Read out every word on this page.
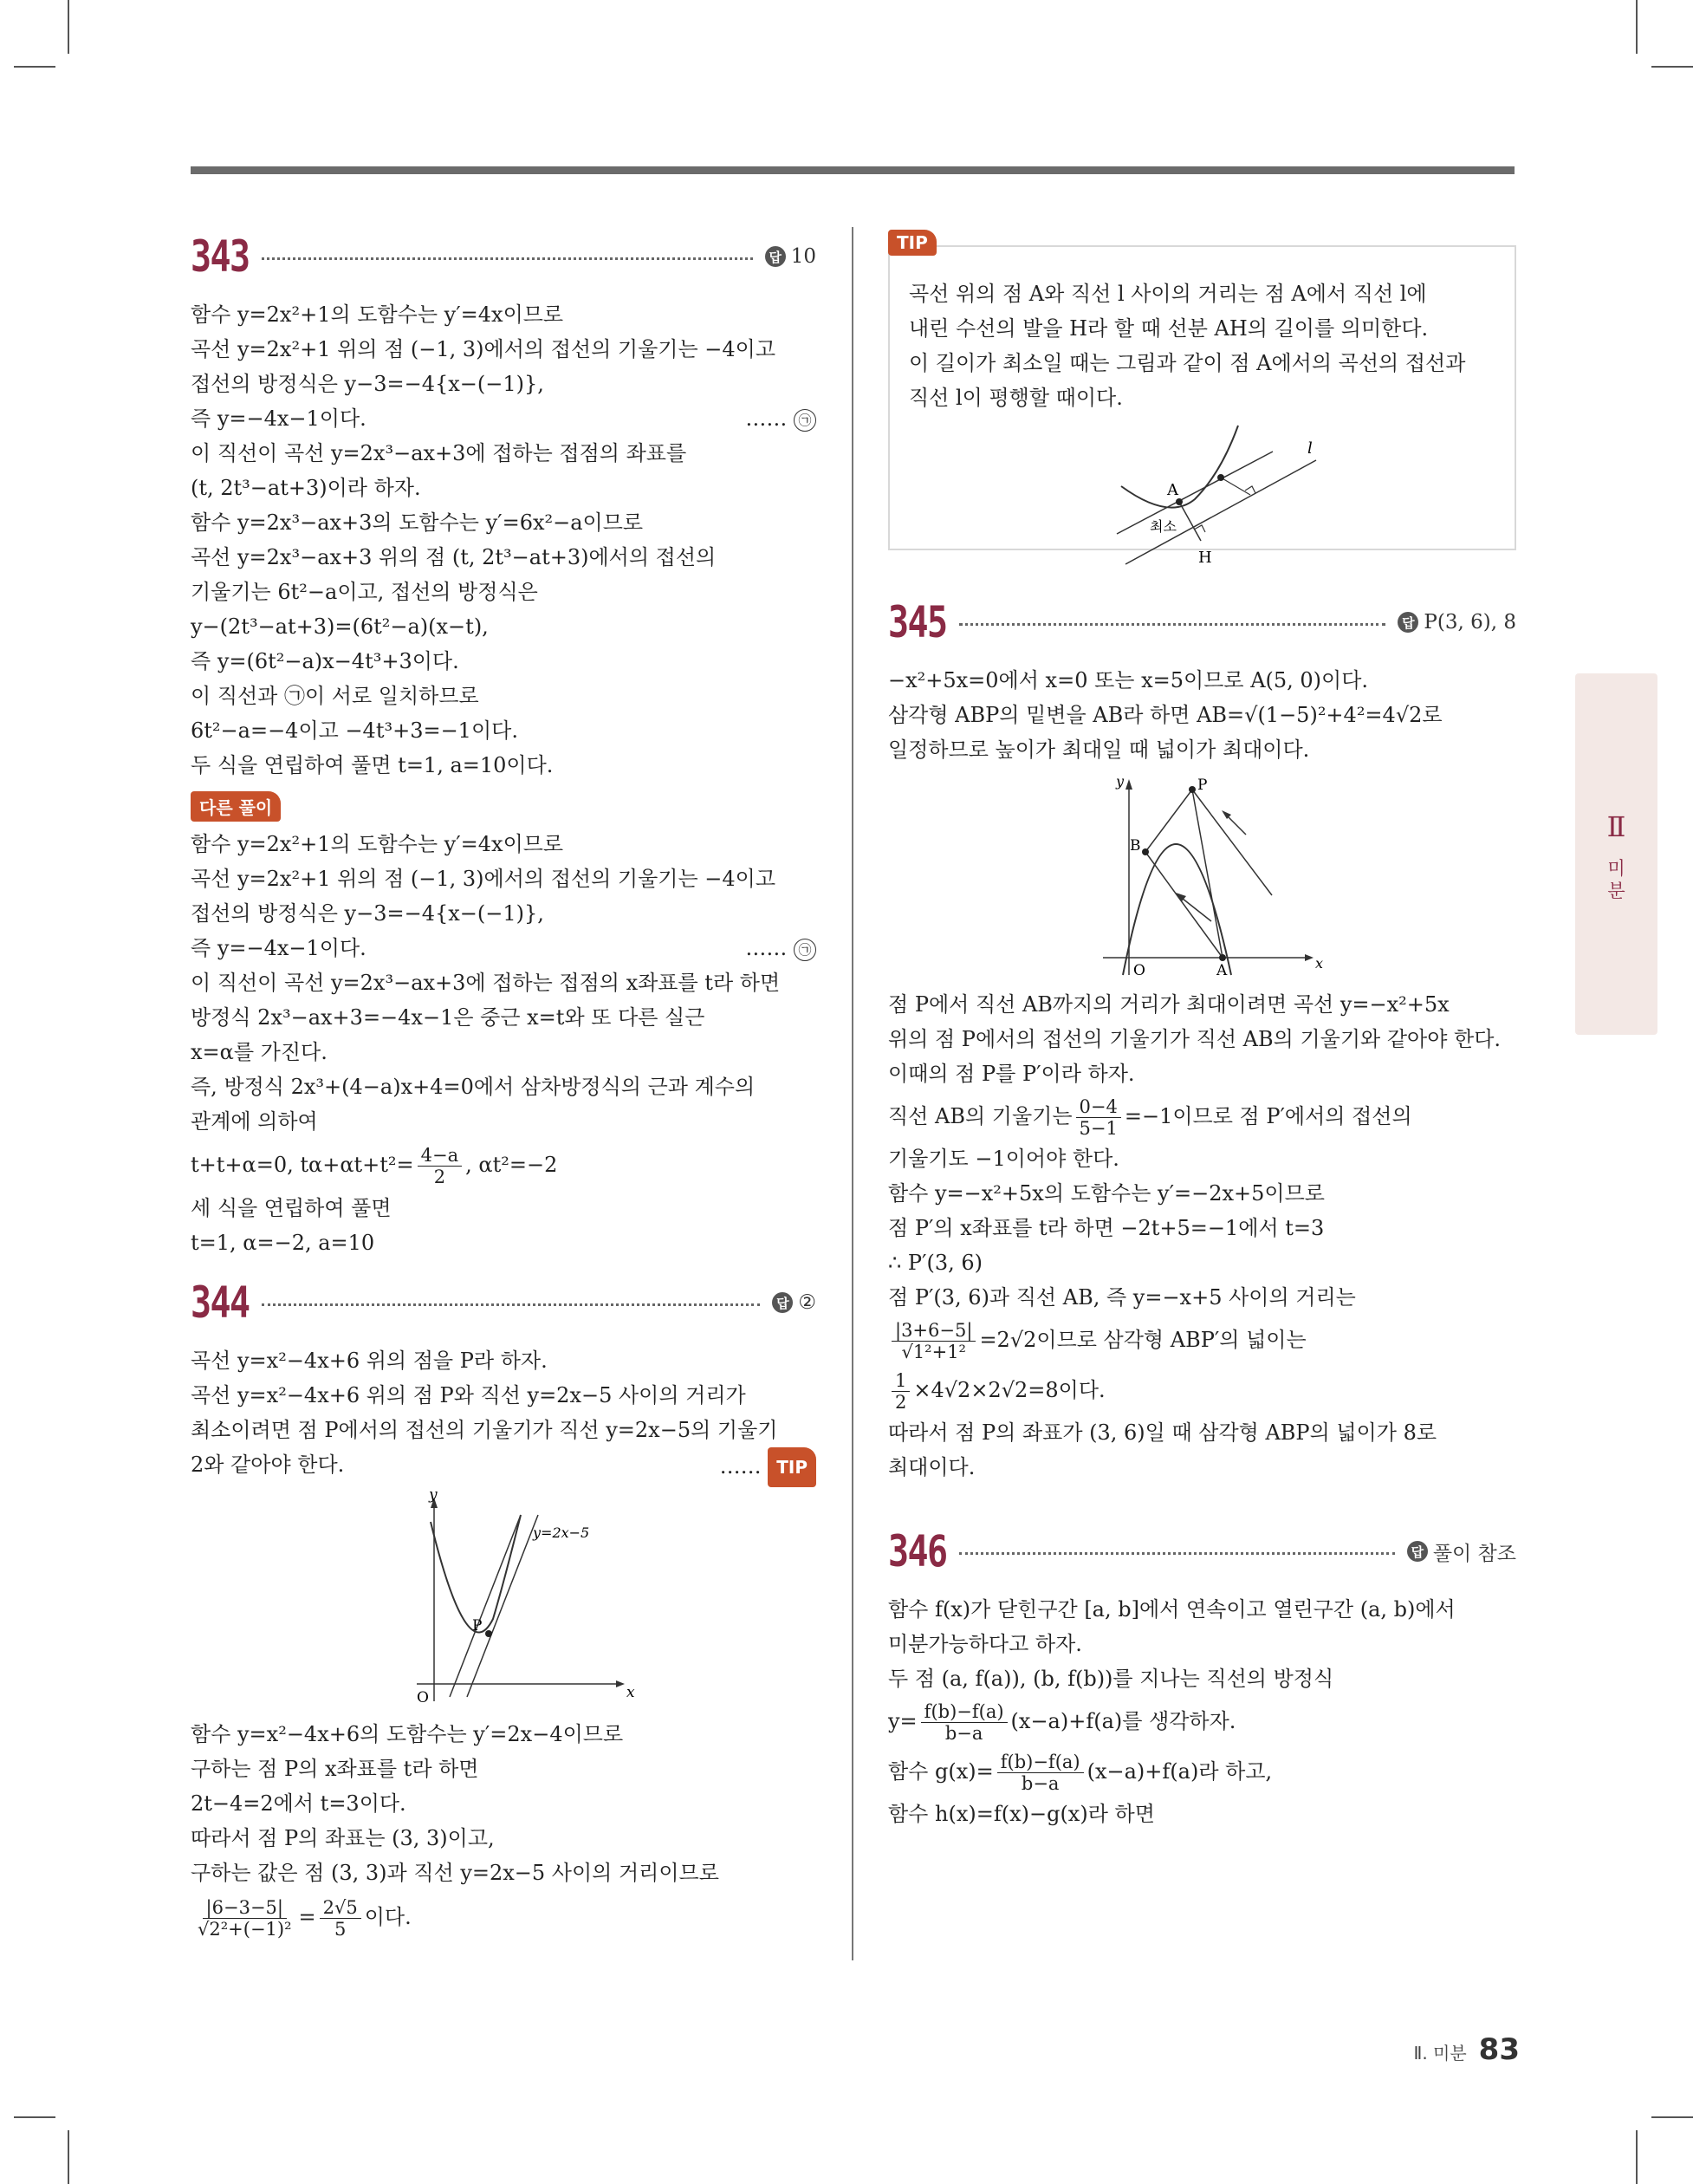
343	답 10
함수 y=2x²+1의 도함수는 y′=4x이므로
곡선 y=2x²+1 위의 점 (−1, 3)에서의 접선의 기울기는 −4이고
접선의 방정식은 y−3=−4{x−(−1)},
즉 y=−4x−1이다.	…… ㉠
이 직선이 곡선 y=2x³−ax+3에 접하는 접점의 좌표를
(t, 2t³−at+3)이라 하자.
함수 y=2x³−ax+3의 도함수는 y′=6x²−a이므로
곡선 y=2x³−ax+3 위의 점 (t, 2t³−at+3)에서의 접선의
기울기는 6t²−a이고, 접선의 방정식은
y−(2t³−at+3)=(6t²−a)(x−t),
즉 y=(6t²−a)x−4t³+3이다.
이 직선과 ㉠이 서로 일치하므로
6t²−a=−4이고 −4t³+3=−1이다.
두 식을 연립하여 풀면 t=1, a=10이다.
다른 풀이
함수 y=2x²+1의 도함수는 y′=4x이므로
곡선 y=2x²+1 위의 점 (−1, 3)에서의 접선의 기울기는 −4이고
접선의 방정식은 y−3=−4{x−(−1)},
즉 y=−4x−1이다.	…… ㉠
이 직선이 곡선 y=2x³−ax+3에 접하는 접점의 x좌표를 t라 하면
방정식 2x³−ax+3=−4x−1은 중근 x=t와 또 다른 실근
x=α를 가진다.
즉, 방정식 2x³+(4−a)x+4=0에서 삼차방정식의 근과 계수의
관계에 의하여
t+t+α=0, $t\alpha+\alpha t+t^2= \frac{4-a}{2}$ , αt²=−2
세 식을 연립하여 풀면
t=1, α=−2, a=10
344	답 ②
곡선 y=x²−4x+6 위의 점을 P라 하자.
곡선 y=x²−4x+6 위의 점 P와 직선 y=2x−5 사이의 거리가
최소이려면 점 P에서의 접선의 기울기가 직선 y=2x−5의 기울기
2와 같아야 한다.	…… TIP
y
x
O
P
y=2x−5
함수 y=x²−4x+6의 도함수는 y′=2x−4이므로
구하는 점 P의 x좌표를 t라 하면
2t−4=2에서 t=3이다.
따라서 점 P의 좌표는 (3, 3)이고,
구하는 값은 점 (3, 3)과 직선 y=2x−5 사이의 거리이므로
$\frac{|6-3-5|}{\text{√2²+(−1)²}} = \frac{2√5}{5}$ 이다.
TIP
곡선 위의 점 A와 직선 l 사이의 거리는 점 A에서 직선 l에
내린 수선의 발을 H라 할 때 선분 AH의 길이를 의미한다.
이 길이가 최소일 때는 그림과 같이 점 A에서의 곡선의 접선과
직선 l이 평행할 때이다.
A
H
l
최소
345	답 P(3, 6), 8
−x²+5x=0에서 x=0 또는 x=5이므로 A(5, 0)이다.
삼각형 ABP의 밑변을 AB라 하면 AB=√(1−5)²+4²=4√2로
일정하므로 높이가 최대일 때 넓이가 최대이다.
y
x
O	A
B
P
점 P에서 직선 AB까지의 거리가 최대이려면 곡선 y=−x²+5x
위의 점 P에서의 접선의 기울기가 직선 AB의 기울기와 같아야 한다.
이때의 점 P를 P′이라 하자.
직선 AB의 기울기는 $\frac{0-4}{5-1} =-1$이므로 점 P′에서의 접선의
기울기도 −1이어야 한다.
함수 y=−x²+5x의 도함수는 y′=−2x+5이므로
점 P′의 x좌표를 t라 하면 −2t+5=−1에서 t=3
∴ P′(3, 6)
점 P′(3, 6)과 직선 AB, 즉 y=−x+5 사이의 거리는
$\frac{|3+6-5|}{\text{√1²+1²}} =2√2$이므로 삼각형 ABP′의 넓이는
$\frac{1}{2} \times 4√2\times 2√2=8$이다.
따라서 점 P의 좌표가 (3, 6)일 때 삼각형 ABP의 넓이가 8로
최대이다.
346	답 풀이 참조
함수 f(x)가 닫힌구간 [a, b]에서 연속이고 열린구간 (a, b)에서
미분가능하다고 하자.
두 점 (a, f(a)), (b, f(b))를 지나는 직선의 방정식
$y= \frac{f(b)-f(a)}{b-a} (x-a)+f(a)$를 생각하자.
함수 $g(x)= \frac{f(b)-f(a)}{b-a} (x-a)+f(a)$라 하고,
함수 h(x)=f(x)−g(x)라 하면
Ⅱ
미
분
Ⅱ. 미분 83
